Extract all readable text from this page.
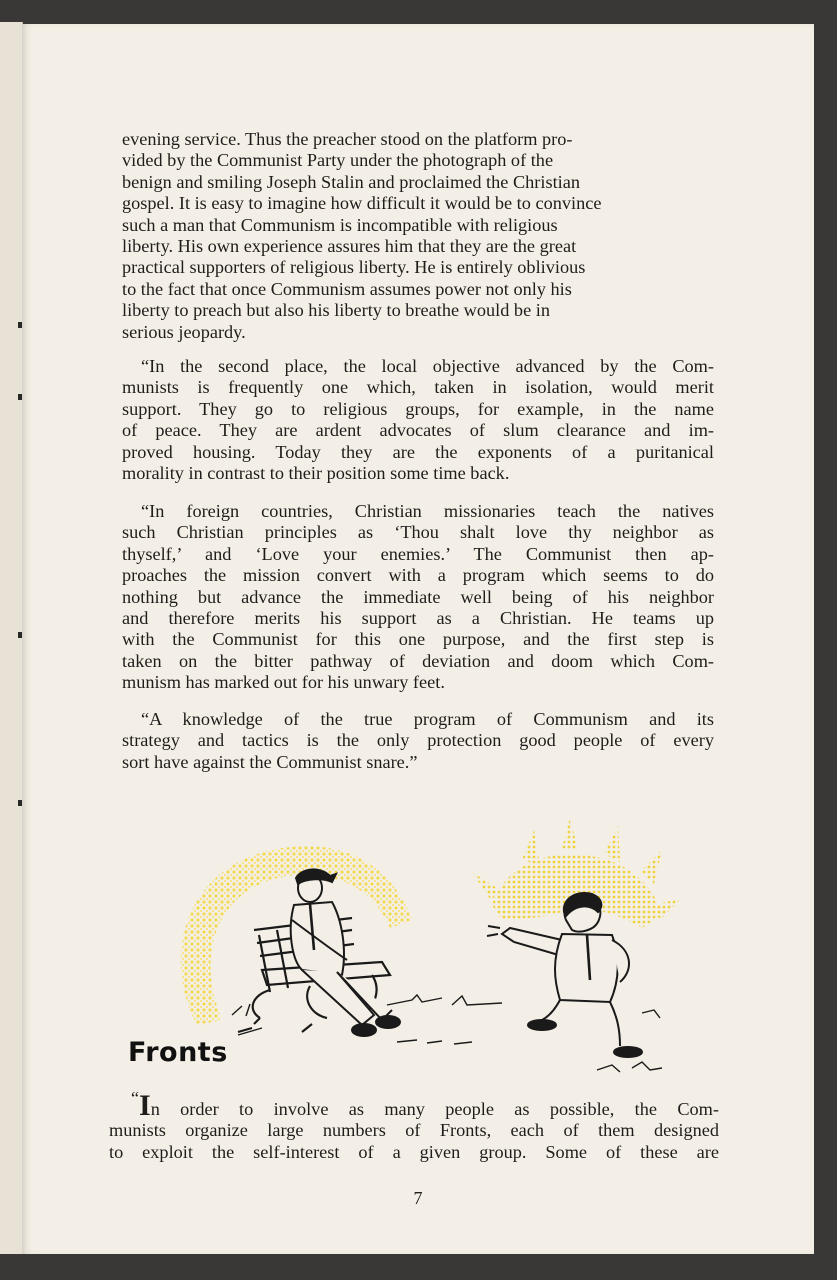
evening service. Thus the preacher stood on the platform pro-
vided by the Communist Party under the photograph of the
benign and smiling Joseph Stalin and proclaimed the Christian
gospel. It is easy to imagine how difficult it would be to convince
such a man that Communism is incompatible with religious
liberty. His own experience assures him that they are the great
practical supporters of religious liberty. He is entirely oblivious
to the fact that once Communism assumes power not only his
liberty to preach but also his liberty to breathe would be in
serious jeopardy.
“In the second place, the local objective advanced by the Com-
munists is frequently one which, taken in isolation, would merit
support. They go to religious groups, for example, in the name
of peace. They are ardent advocates of slum clearance and im-
proved housing. Today they are the exponents of a puritanical
morality in contrast to their position some time back.
“In foreign countries, Christian missionaries teach the natives
such Christian principles as ‘Thou shalt love thy neighbor as
thyself,’ and ‘Love your enemies.’ The Communist then ap-
proaches the mission convert with a program which seems to do
nothing but advance the immediate well being of his neighbor
and therefore merits his support as a Christian. He teams up
with the Communist for this one purpose, and the first step is
taken on the bitter pathway of deviation and doom which Com-
munism has marked out for his unwary feet.
“A knowledge of the true program of Communism and its
strategy and tactics is the only protection good people of every
sort have against the Communist snare.”
Fronts
“In order to involve as many people as possible, the Com-
munists organize large numbers of Fronts, each of them designed
to exploit the self-interest of a given group. Some of these are

7
